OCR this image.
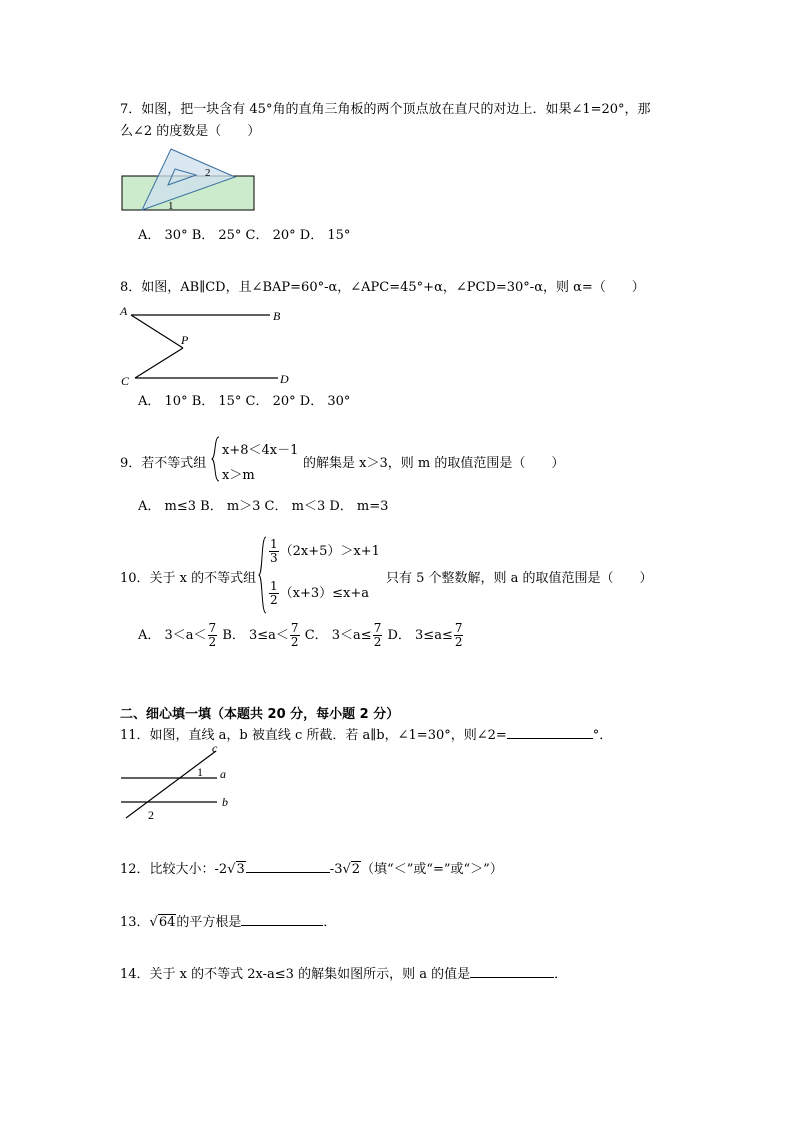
7．如图，把一块含有 45°角的直角三角板的两个顶点放在直尺的对边上．如果∠1=20°，那
么∠2 的度数是（　　）
2
1
A． 30° B． 25° C． 20° D． 15°
8．如图，AB∥CD，且∠BAP=60°-α，∠APC=45°+α，∠PCD=30°-α，则 α=（　　）
A	B
P
C	D
A． 10° B． 15° C． 20° D． 30°
9．若不等式组
x+8＜4x－1
x＞m
的解集是 x＞3，则 m 的取值范围是（　　）
A． m≤3 B． m＞3 C． m＜3 D． m=3
10．关于 x 的不等式组
$\frac{1}{3} (2x+5)>x+1$
$\frac{1}{2} (x+3)\le x+a$
只有 5 个整数解，则 a 的取值范围是（　　）
A． $3<a< \frac{7}{2}$ B． $3\le a< \frac{7}{2}$ C． $3<a\le \frac{7}{2}$ D． $3\le a\le \frac{7}{2}$
二、细心填一填（本题共 20 分，每小题 2 分）
11．如图，直线 a，b 被直线 c 所截．若 a∥b，∠1=30°，则∠2=	°．
c
a
b
1
2
12．比较大小：-2√3	-3√2（填“＜”或“=”或“＞”）
13．√64的平方根是	．
14．关于 x 的不等式 2x-a≤3 的解集如图所示，则 a 的值是	．
